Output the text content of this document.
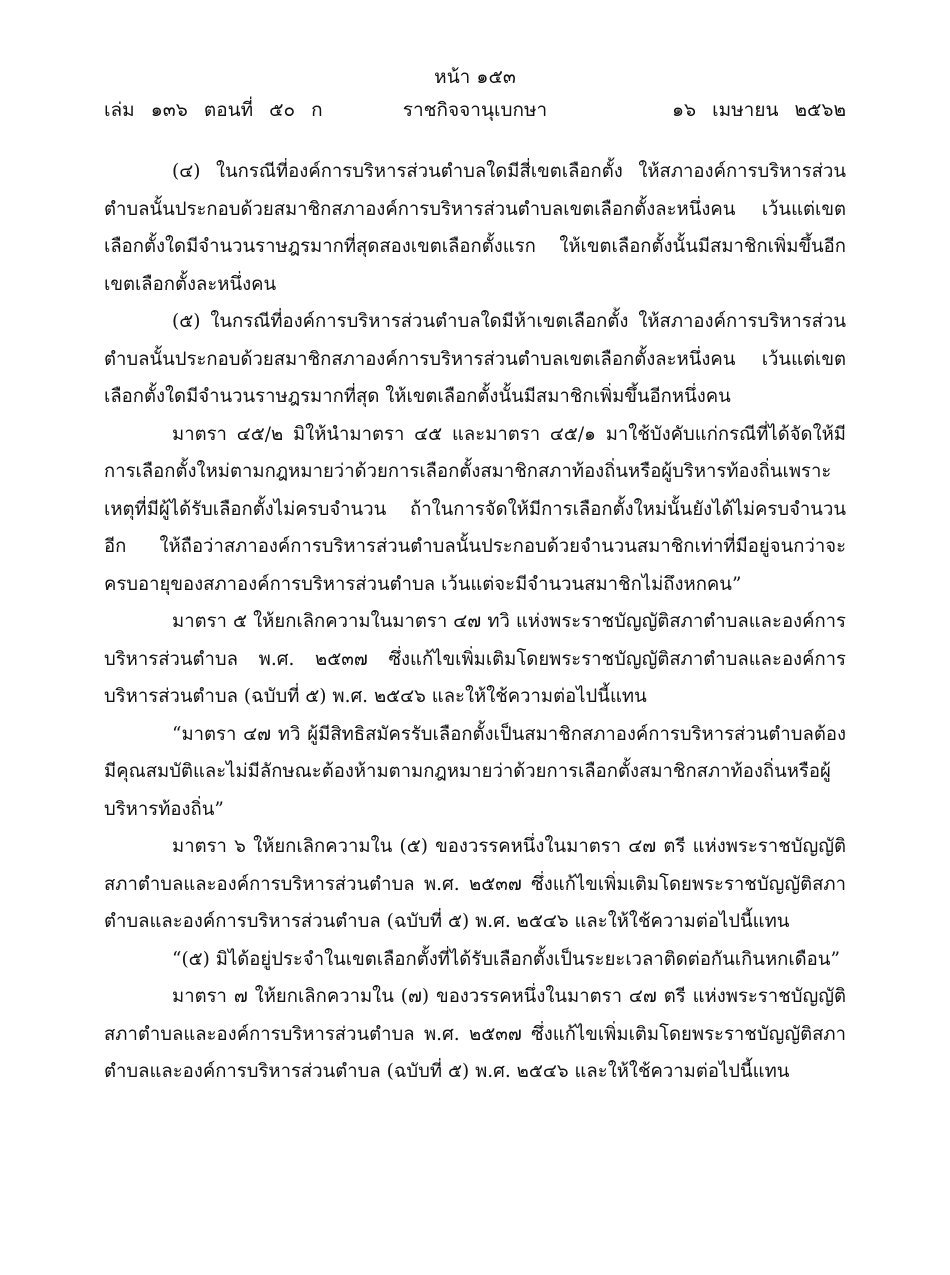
หน้า ๑๕๓
เล่ม ๑๓๖ ตอนที่ ๕๐ ก	ราชกิจจานุเบกษา	๑๖ เมษายน ๒๕๖๒

(๔) ในกรณีที่องค์การบริหารส่วนตำบลใดมีสี่เขตเลือกตั้ง ให้สภาองค์การบริหารส่วนตำบลนั้นประกอบด้วยสมาชิกสภาองค์การบริหารส่วนตำบลเขตเลือกตั้งละหนึ่งคน เว้นแต่เขตเลือกตั้งใดมีจำนวนราษฎรมากที่สุดสองเขตเลือกตั้งแรก ให้เขตเลือกตั้งนั้นมีสมาชิกเพิ่มขึ้นอีกเขตเลือกตั้งละหนึ่งคน

(๕) ในกรณีที่องค์การบริหารส่วนตำบลใดมีห้าเขตเลือกตั้ง ให้สภาองค์การบริหารส่วนตำบลนั้นประกอบด้วยสมาชิกสภาองค์การบริหารส่วนตำบลเขตเลือกตั้งละหนึ่งคน เว้นแต่เขตเลือกตั้งใดมีจำนวนราษฎรมากที่สุด ให้เขตเลือกตั้งนั้นมีสมาชิกเพิ่มขึ้นอีกหนึ่งคน

มาตรา ๔๕/๒ มิให้นำมาตรา ๔๕ และมาตรา ๔๕/๑ มาใช้บังคับแก่กรณีที่ได้จัดให้มีการเลือกตั้งใหม่ตามกฎหมายว่าด้วยการเลือกตั้งสมาชิกสภาท้องถิ่นหรือผู้บริหารท้องถิ่นเพราะเหตุที่มีผู้ได้รับเลือกตั้งไม่ครบจำนวน ถ้าในการจัดให้มีการเลือกตั้งใหม่นั้นยังได้ไม่ครบจำนวนอีก ให้ถือว่าสภาองค์การบริหารส่วนตำบลนั้นประกอบด้วยจำนวนสมาชิกเท่าที่มีอยู่จนกว่าจะครบอายุของสภาองค์การบริหารส่วนตำบล เว้นแต่จะมีจำนวนสมาชิกไม่ถึงหกคน”

มาตรา ๕ ให้ยกเลิกความในมาตรา ๔๗ ทวิ แห่งพระราชบัญญัติสภาตำบลและองค์การบริหารส่วนตำบล พ.ศ. ๒๕๓๗ ซึ่งแก้ไขเพิ่มเติมโดยพระราชบัญญัติสภาตำบลและองค์การบริหารส่วนตำบล (ฉบับที่ ๕) พ.ศ. ๒๕๔๖ และให้ใช้ความต่อไปนี้แทน

“มาตรา ๔๗ ทวิ ผู้มีสิทธิสมัครรับเลือกตั้งเป็นสมาชิกสภาองค์การบริหารส่วนตำบลต้องมีคุณสมบัติและไม่มีลักษณะต้องห้ามตามกฎหมายว่าด้วยการเลือกตั้งสมาชิกสภาท้องถิ่นหรือผู้บริหารท้องถิ่น”

มาตรา ๖ ให้ยกเลิกความใน (๕) ของวรรคหนึ่งในมาตรา ๔๗ ตรี แห่งพระราชบัญญัติสภาตำบลและองค์การบริหารส่วนตำบล พ.ศ. ๒๕๓๗ ซึ่งแก้ไขเพิ่มเติมโดยพระราชบัญญัติสภาตำบลและองค์การบริหารส่วนตำบล (ฉบับที่ ๕) พ.ศ. ๒๕๔๖ และให้ใช้ความต่อไปนี้แทน

“(๕) มิได้อยู่ประจำในเขตเลือกตั้งที่ได้รับเลือกตั้งเป็นระยะเวลาติดต่อกันเกินหกเดือน”

มาตรา ๗ ให้ยกเลิกความใน (๗) ของวรรคหนึ่งในมาตรา ๔๗ ตรี แห่งพระราชบัญญัติสภาตำบลและองค์การบริหารส่วนตำบล พ.ศ. ๒๕๓๗ ซึ่งแก้ไขเพิ่มเติมโดยพระราชบัญญัติสภาตำบลและองค์การบริหารส่วนตำบล (ฉบับที่ ๕) พ.ศ. ๒๕๔๖ และให้ใช้ความต่อไปนี้แทน
